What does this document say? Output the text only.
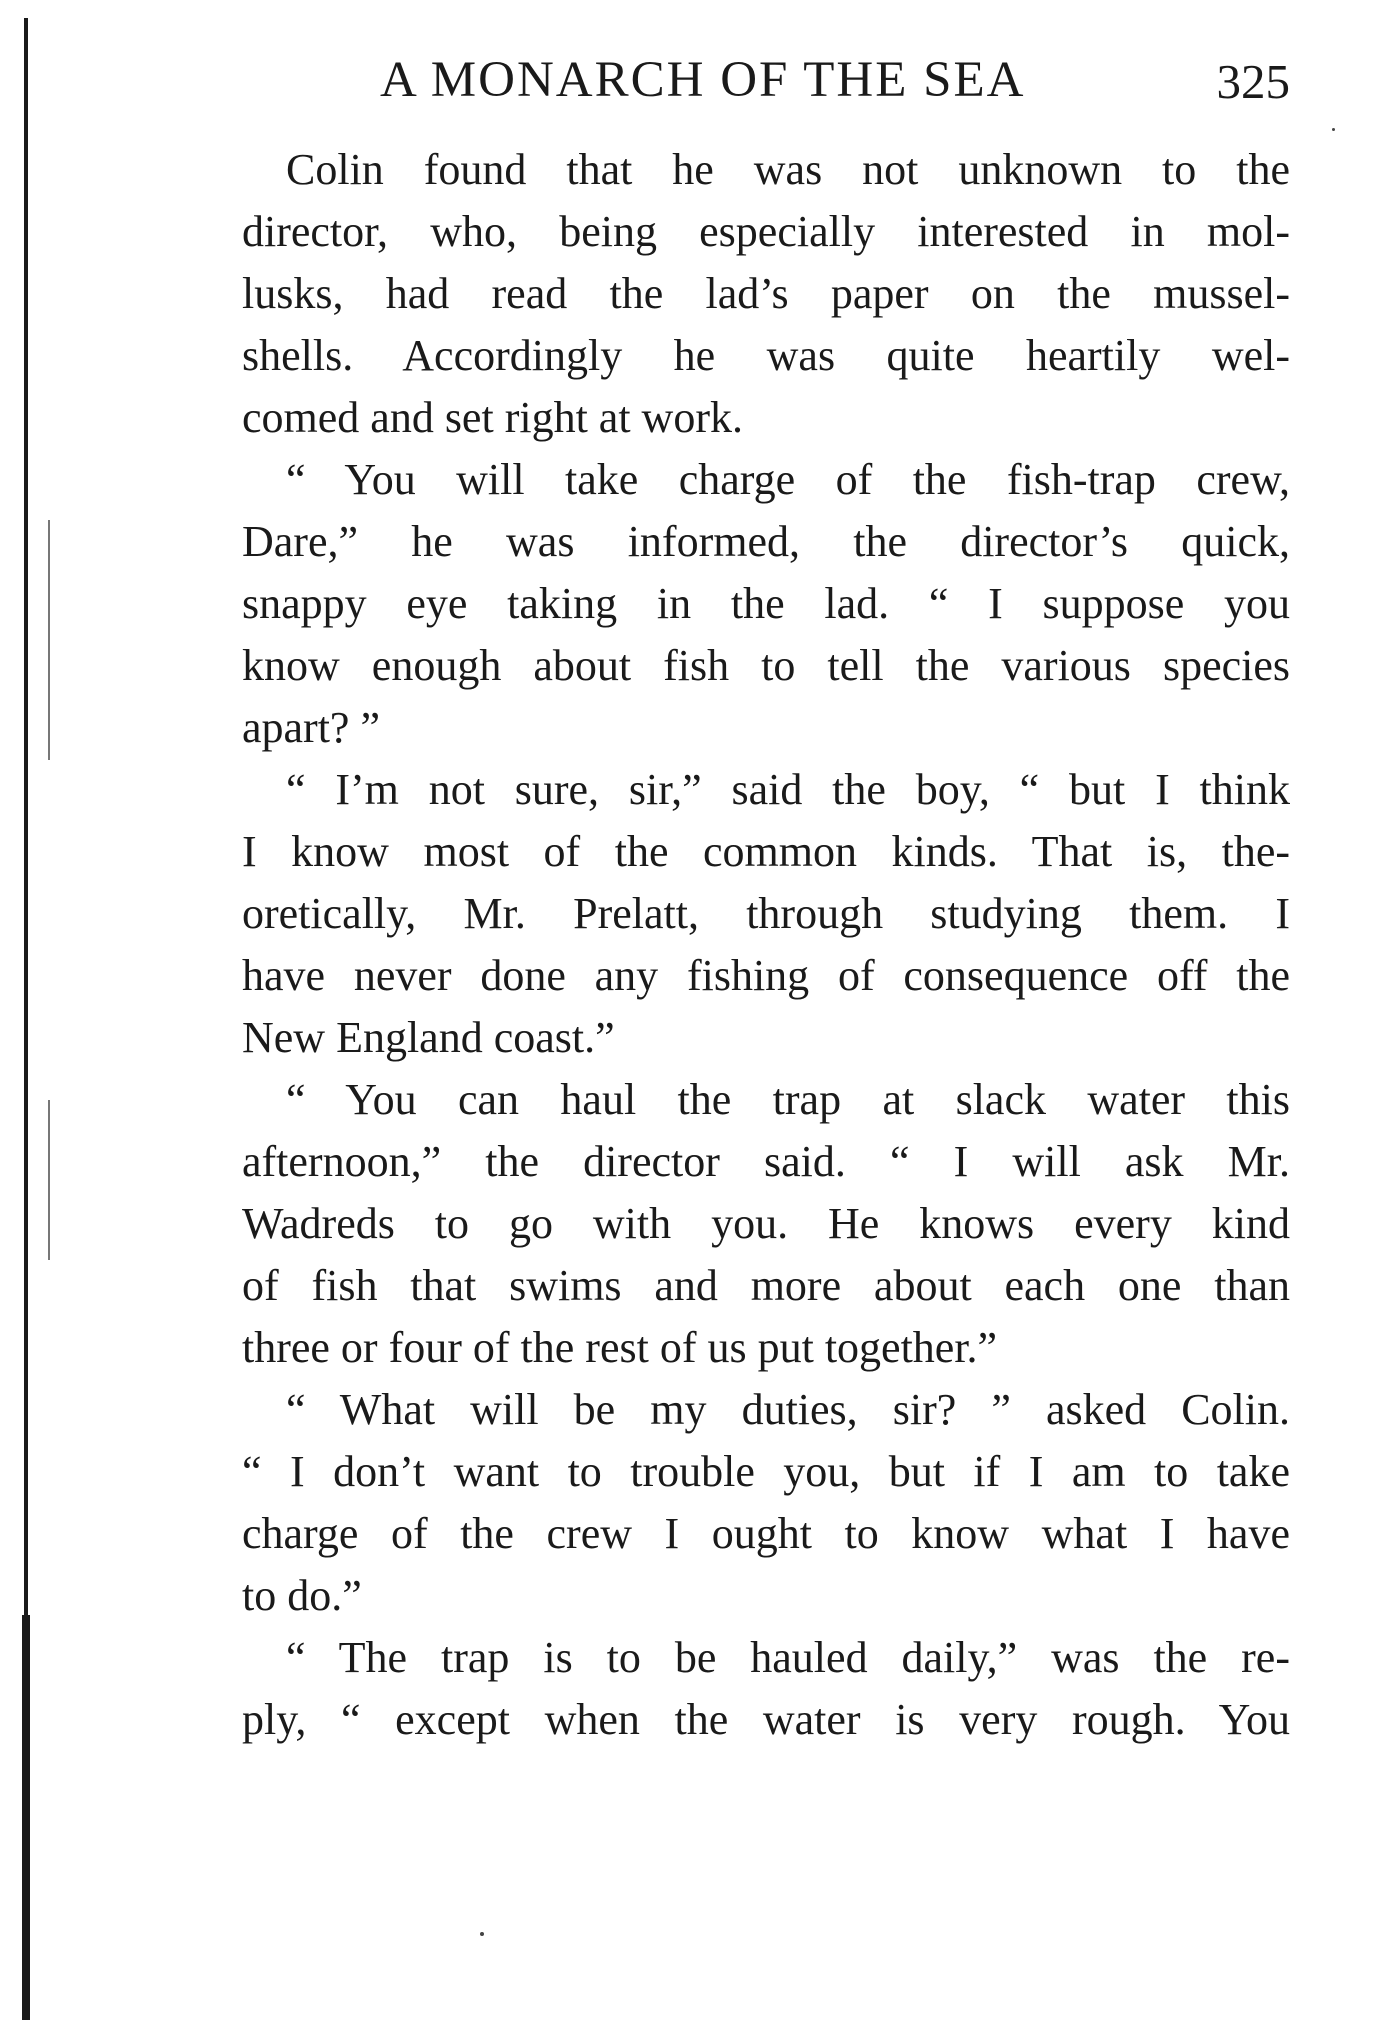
A MONARCH OF THE SEA	325
Colin found that he was not unknown to the
director, who, being especially interested in mol-
lusks, had read the lad’s paper on the mussel-
shells. Accordingly he was quite heartily wel-
comed and set right at work.
“ You will take charge of the fish-trap crew,
Dare,” he was informed, the director’s quick,
snappy eye taking in the lad. “ I suppose you
know enough about fish to tell the various species
apart? ”
“ I’m not sure, sir,” said the boy, “ but I think
I know most of the common kinds. That is, the-
oretically, Mr. Prelatt, through studying them. I
have never done any fishing of consequence off the
New England coast.”
“ You can haul the trap at slack water this
afternoon,” the director said. “ I will ask Mr.
Wadreds to go with you. He knows every kind
of fish that swims and more about each one than
three or four of the rest of us put together.”
“ What will be my duties, sir? ” asked Colin.
“ I don’t want to trouble you, but if I am to take
charge of the crew I ought to know what I have
to do.”
“ The trap is to be hauled daily,” was the re-
ply, “ except when the water is very rough. You
